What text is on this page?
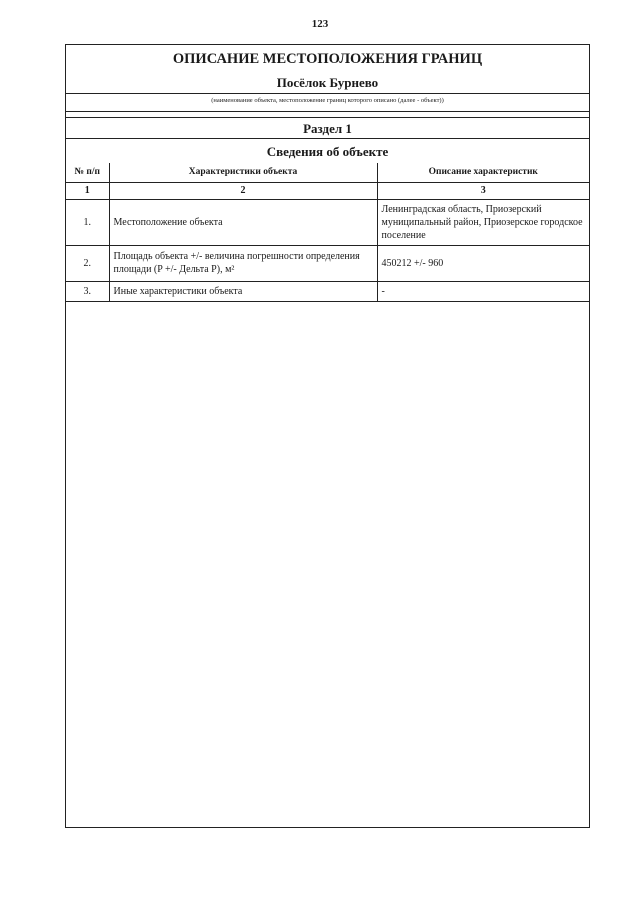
123
ОПИСАНИЕ МЕСТОПОЛОЖЕНИЯ ГРАНИЦ
Посёлок Бурнево
(наименование объекта, местоположение границ которого описано (далее - объект))
Раздел 1
Сведения об объекте
№ п/п	Характеристики объекта	Описание характеристик
1	2	3
1.	Местоположение объекта	Ленинградская область, Приозерский муниципальный район, Приозерское городское поселение
2.	Площадь объекта +/- величина погрешности определения площади (P +/- Дельта P), м²	450212 +/- 960
3.	Иные характеристики объекта	-
